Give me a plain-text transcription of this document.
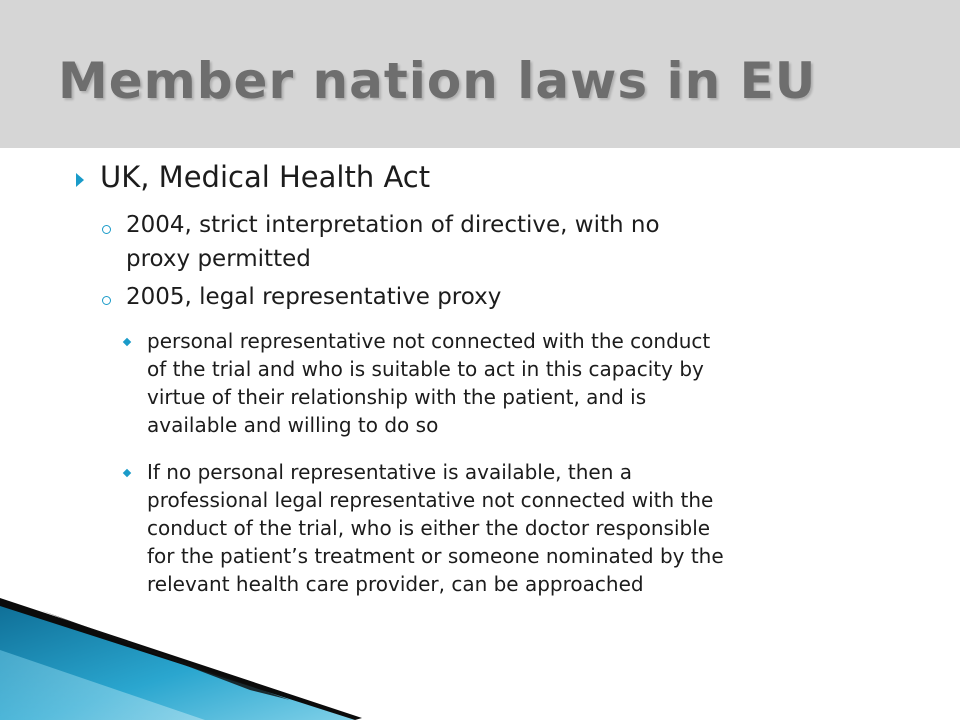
Member nation laws in EU
UK, Medical Health Act
2004, strict interpretation of directive, with no
proxy permitted
2005, legal representative proxy
personal representative not connected with the conduct
of the trial and who is suitable to act in this capacity by
virtue of their relationship with the patient, and is
available and willing to do so
If no personal representative is available, then a
professional legal representative not connected with the
conduct of the trial, who is either the doctor responsible
for the patient’s treatment or someone nominated by the
relevant health care provider, can be approached
